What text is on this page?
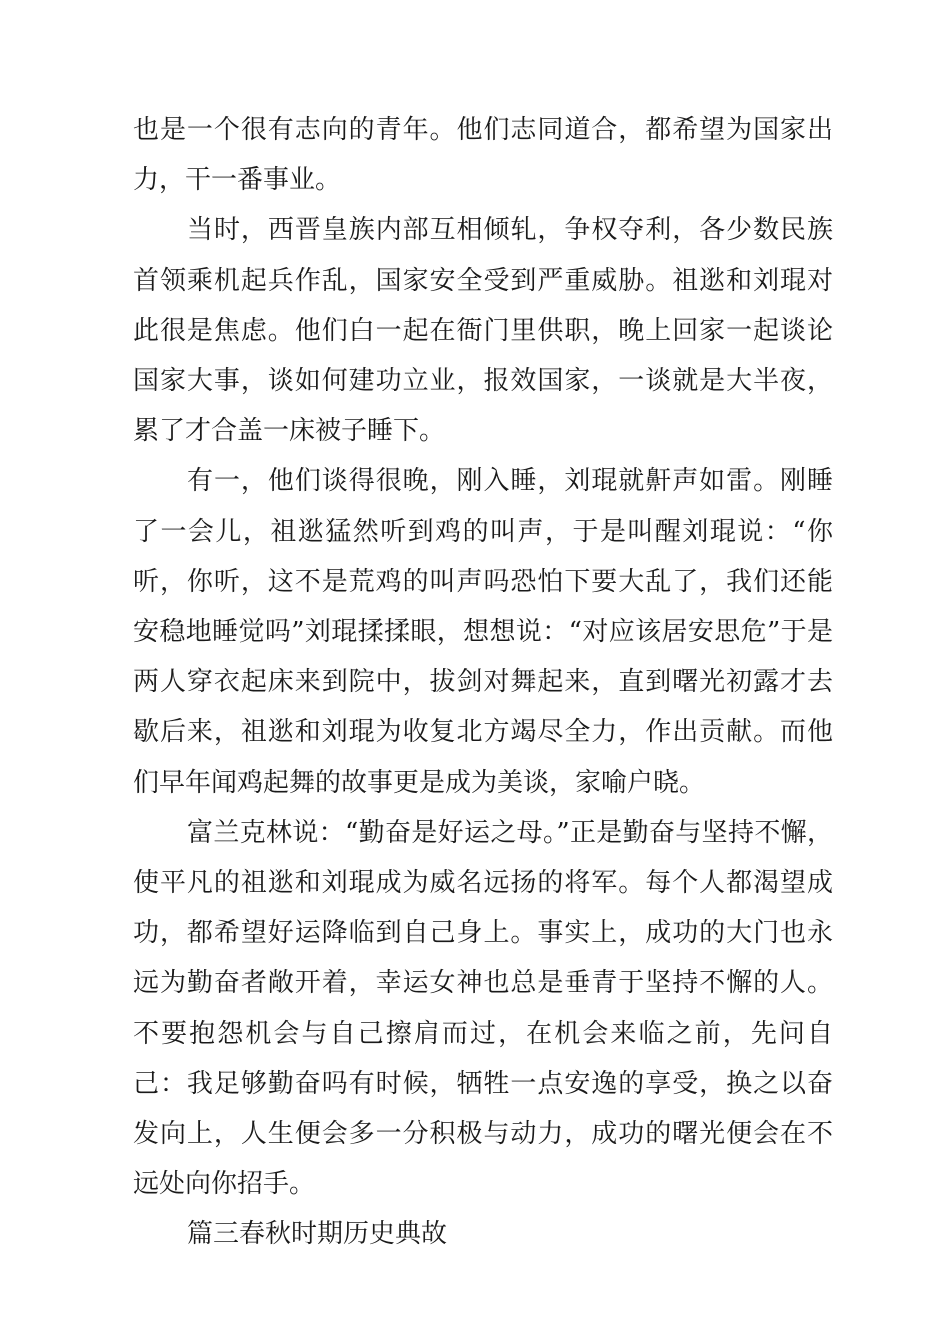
也是一个很有志向的青年。他们志同道合，都希望为国家出力，干一番事业。

当时，西晋皇族内部互相倾轧，争权夺利，各少数民族首领乘机起兵作乱，国家安全受到严重威胁。祖逖和刘琨对此很是焦虑。他们白一起在衙门里供职，晚上回家一起谈论国家大事，谈如何建功立业，报效国家，一谈就是大半夜，累了才合盖一床被子睡下。

有一，他们谈得很晚，刚入睡，刘琨就鼾声如雷。刚睡了一会儿，祖逖猛然听到鸡的叫声，于是叫醒刘琨说：“你听，你听，这不是荒鸡的叫声吗恐怕下要大乱了，我们还能安稳地睡觉吗”刘琨揉揉眼，想想说：“对应该居安思危”于是两人穿衣起床来到院中，拔剑对舞起来，直到曙光初露才去歇后来，祖逖和刘琨为收复北方竭尽全力，作出贡献。而他们早年闻鸡起舞的故事更是成为美谈，家喻户晓。

富兰克林说：“勤奋是好运之母。”正是勤奋与坚持不懈，使平凡的祖逖和刘琨成为威名远扬的将军。每个人都渴望成功，都希望好运降临到自己身上。事实上，成功的大门也永远为勤奋者敞开着，幸运女神也总是垂青于坚持不懈的人。不要抱怨机会与自己擦肩而过，在机会来临之前，先问自己：我足够勤奋吗有时候，牺牲一点安逸的享受，换之以奋发向上，人生便会多一分积极与动力，成功的曙光便会在不远处向你招手。

篇三春秋时期历史典故
